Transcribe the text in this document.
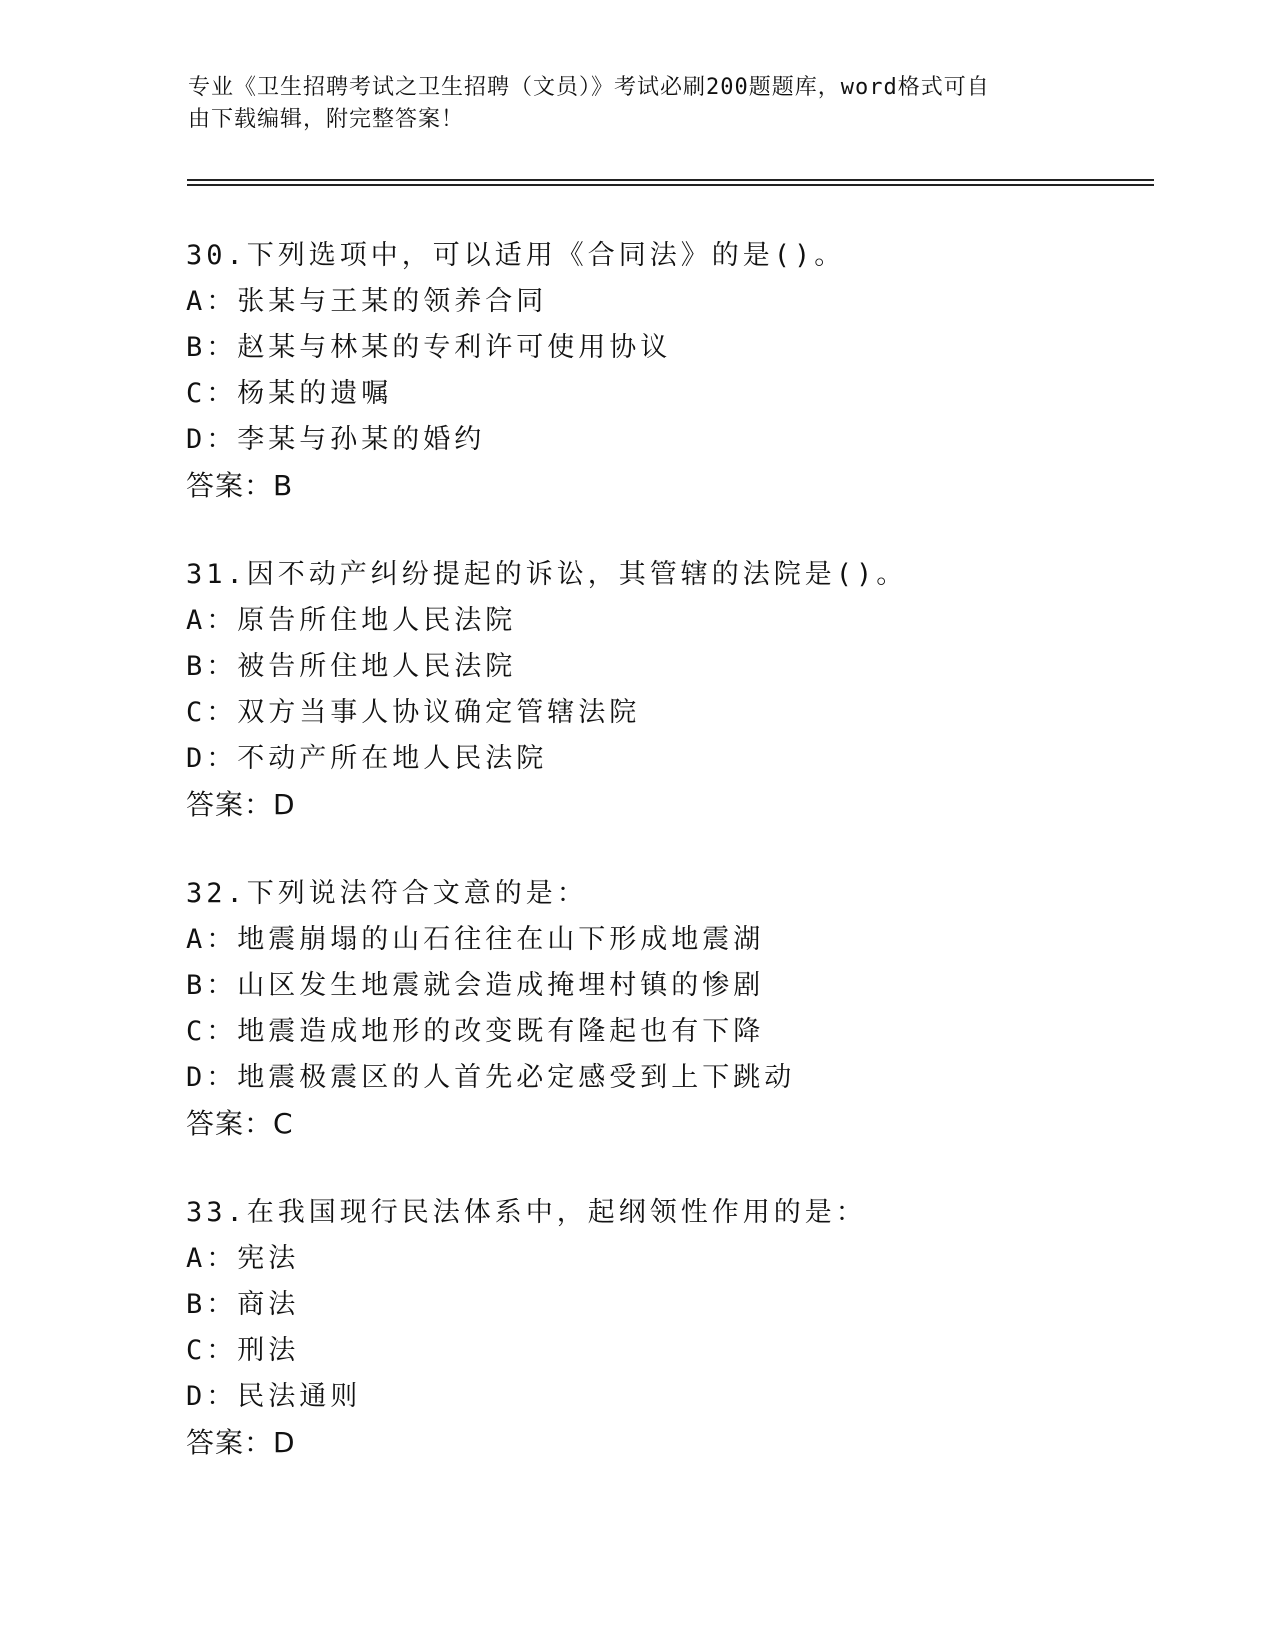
专业《卫生招聘考试之卫生招聘（文员）》考试必刷200题题库，word格式可自
由下载编辑，附完整答案！
30.下列选项中，可以适用《合同法》的是()。
A：张某与王某的领养合同
B：赵某与林某的专利许可使用协议
C：杨某的遗嘱
D：李某与孙某的婚约
答案：B
31.因不动产纠纷提起的诉讼，其管辖的法院是()。
A：原告所住地人民法院
B：被告所住地人民法院
C：双方当事人协议确定管辖法院
D：不动产所在地人民法院
答案：D
32.下列说法符合文意的是：
A：地震崩塌的山石往往在山下形成地震湖
B：山区发生地震就会造成掩埋村镇的惨剧
C：地震造成地形的改变既有隆起也有下降
D：地震极震区的人首先必定感受到上下跳动
答案：C
33.在我国现行民法体系中，起纲领性作用的是：
A：宪法
B：商法
C：刑法
D：民法通则
答案：D
